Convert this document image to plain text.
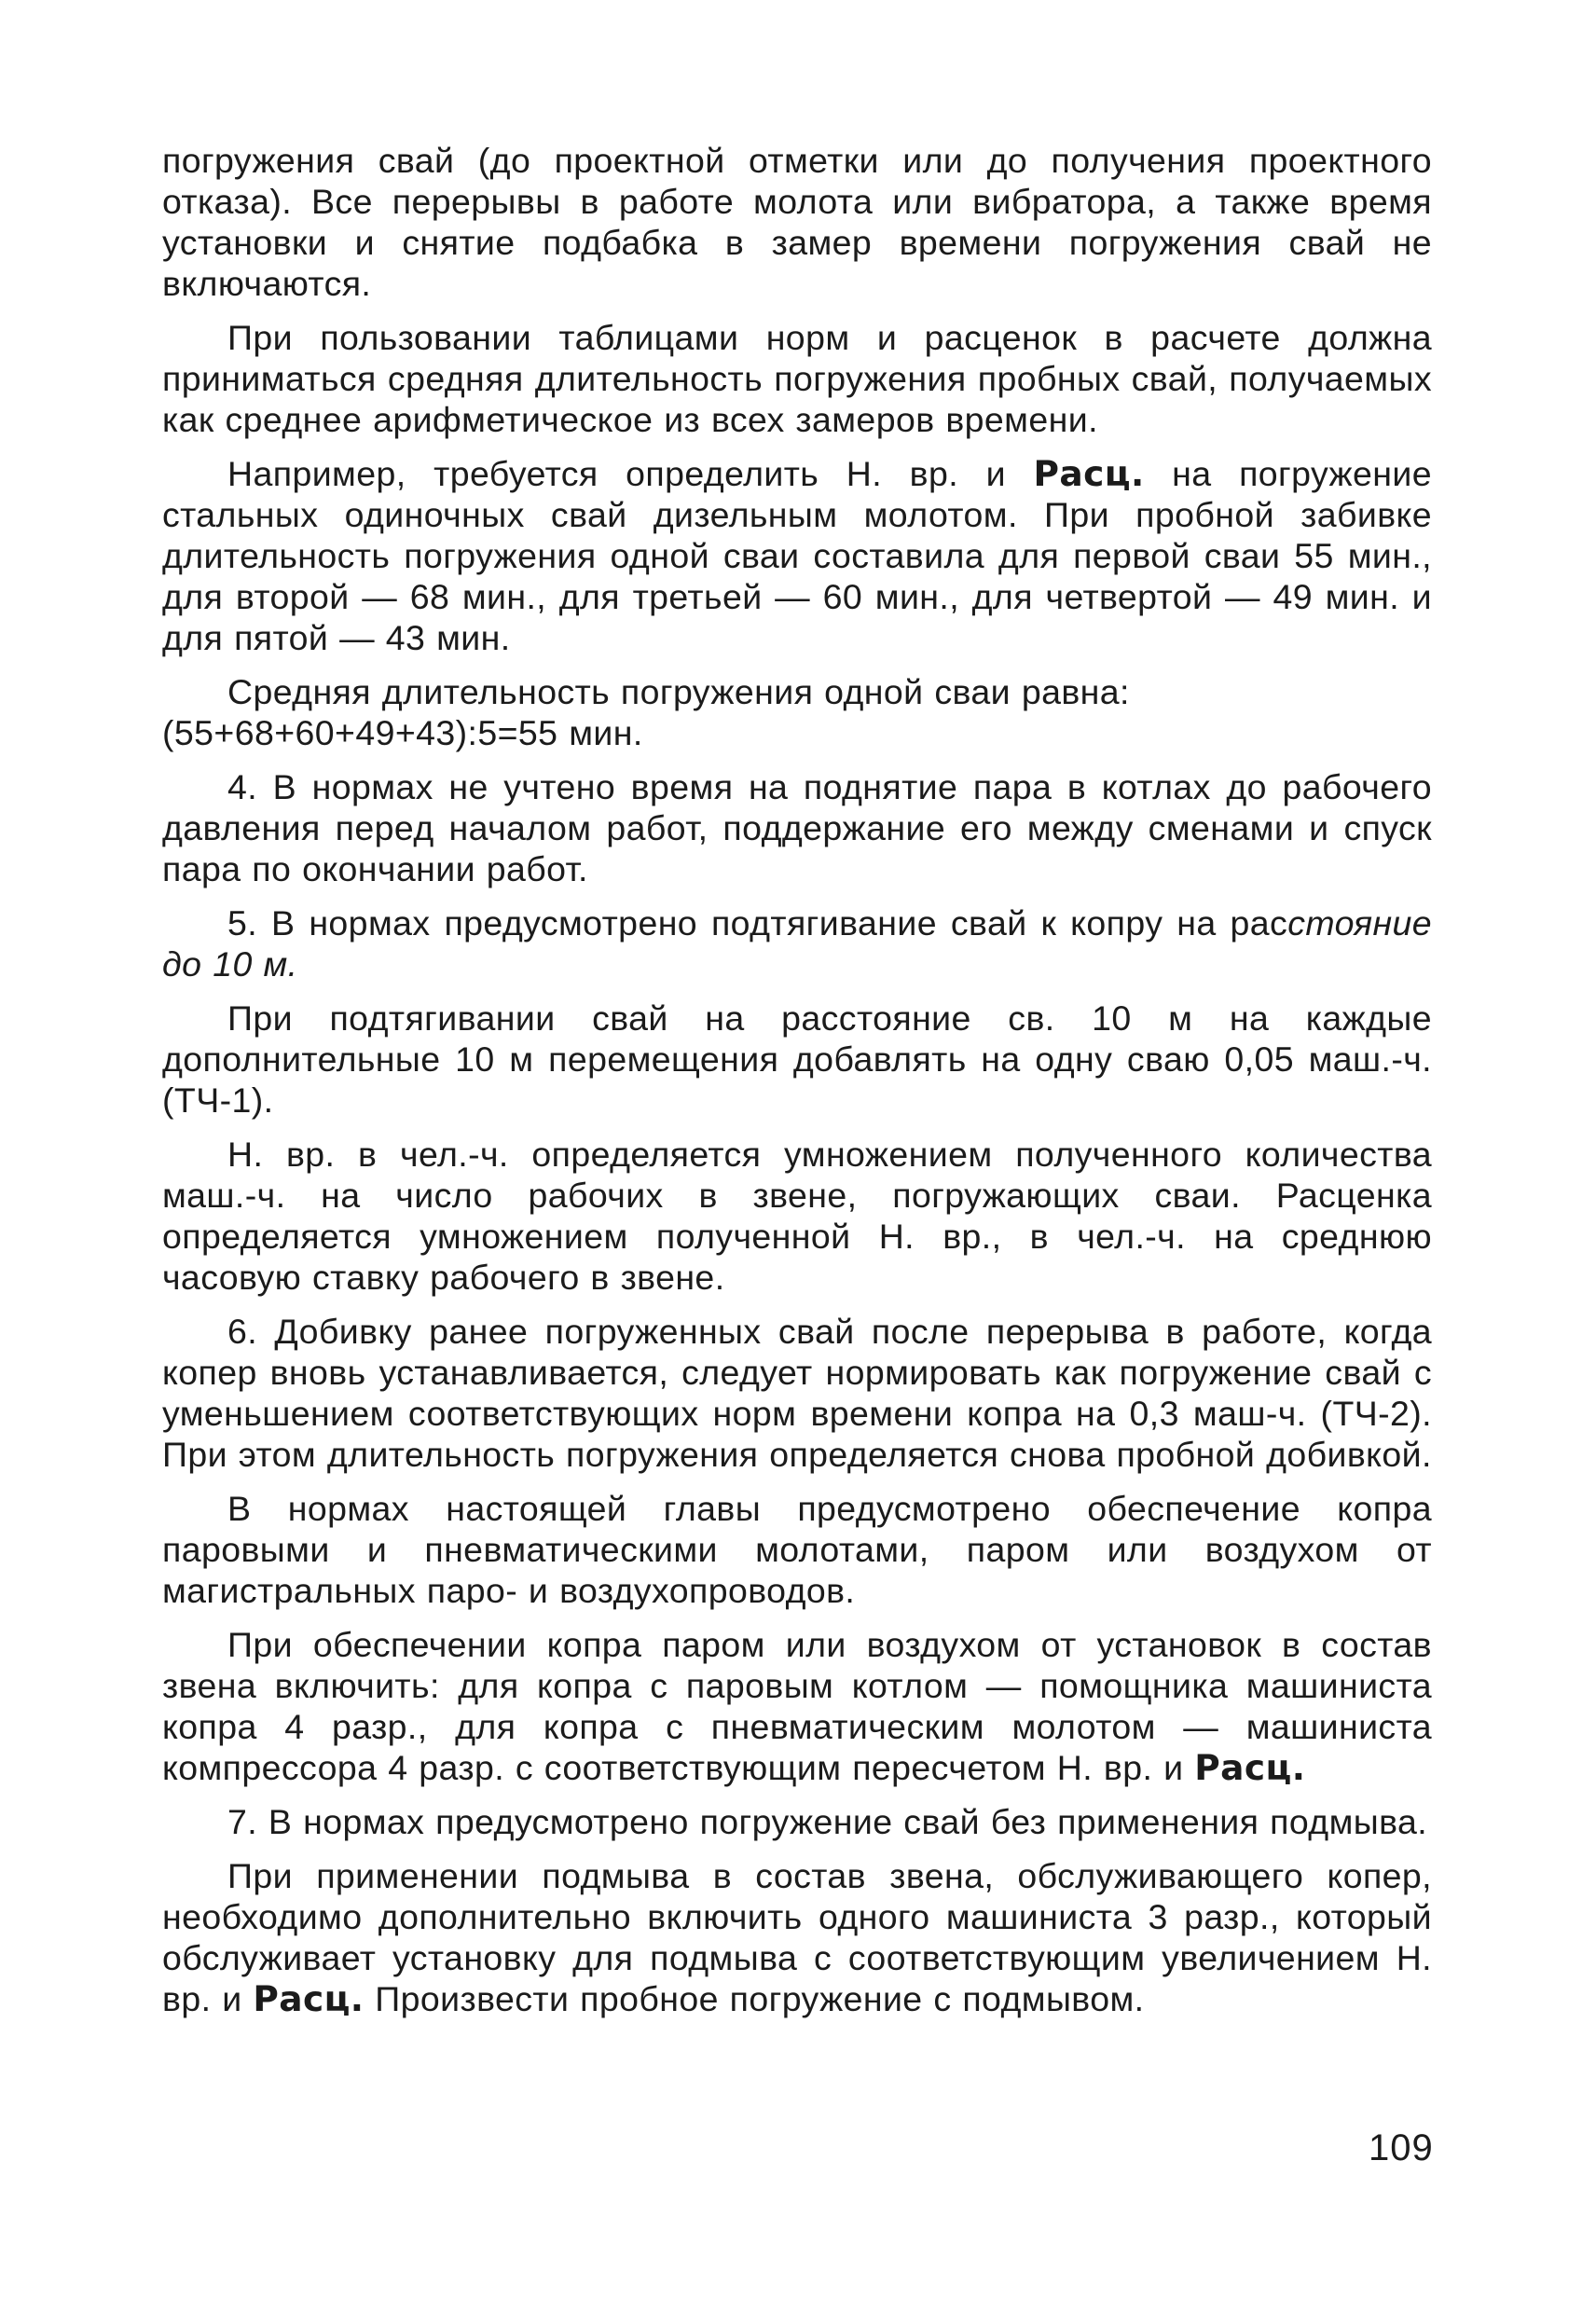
погружения свай (до проектной отметки или до получения проектного отказа). Все перерывы в работе молота или вибратора, а также время установки и снятие подбабка в замер времени погружения свай не включаются.

При пользовании таблицами норм и расценок в расчете должна приниматься средняя длительность погружения пробных свай, получаемых как среднее арифметическое из всех замеров времени.

Например, требуется определить Н. вр. и Расц. на погружение стальных одиночных свай дизельным молотом. При пробной забивке длительность погружения одной сваи составила для первой сваи 55 мин., для второй — 68 мин., для третьей — 60 мин., для четвертой — 49 мин. и для пятой — 43 мин.

Средняя длительность погружения одной сваи равна:
(55+68+60+49+43):5=55 мин.

4. В нормах не учтено время на поднятие пара в котлах до рабочего давления перед началом работ, поддержание его между сменами и спуск пара по окончании работ.

5. В нормах предусмотрено подтягивание свай к копру на расстояние до 10 м.

При подтягивании свай на расстояние св. 10 м на каждые дополнительные 10 м перемещения добавлять на одну сваю 0,05 маш.-ч. (ТЧ-1).

Н. вр. в чел.-ч. определяется умножением полученного количества маш.-ч. на число рабочих в звене, погружающих сваи. Расценка определяется умножением полученной Н. вр., в чел.-ч. на среднюю часовую ставку рабочего в звене.

6. Добивку ранее погруженных свай после перерыва в работе, когда копер вновь устанавливается, следует нормировать как погружение свай с уменьшением соответствующих норм времени копра на 0,3 маш-ч. (ТЧ-2). При этом длительность погружения определяется снова пробной добивкой.

В нормах настоящей главы предусмотрено обеспечение копра паровыми и пневматическими молотами, паром или воздухом от магистральных паро- и воздухопроводов.

При обеспечении копра паром или воздухом от установок в состав звена включить: для копра с паровым котлом — помощника машиниста копра 4 разр., для копра с пневматическим молотом — машиниста компрессора 4 разр. с соответствующим пересчетом Н. вр. и Расц.

7. В нормах предусмотрено погружение свай без применения подмыва.

При применении подмыва в состав звена, обслуживающего копер, необходимо дополнительно включить одного машиниста 3 разр., который обслуживает установку для подмыва с соответствующим увеличением Н. вр. и Расц. Произвести пробное погружение с подмывом.

109
